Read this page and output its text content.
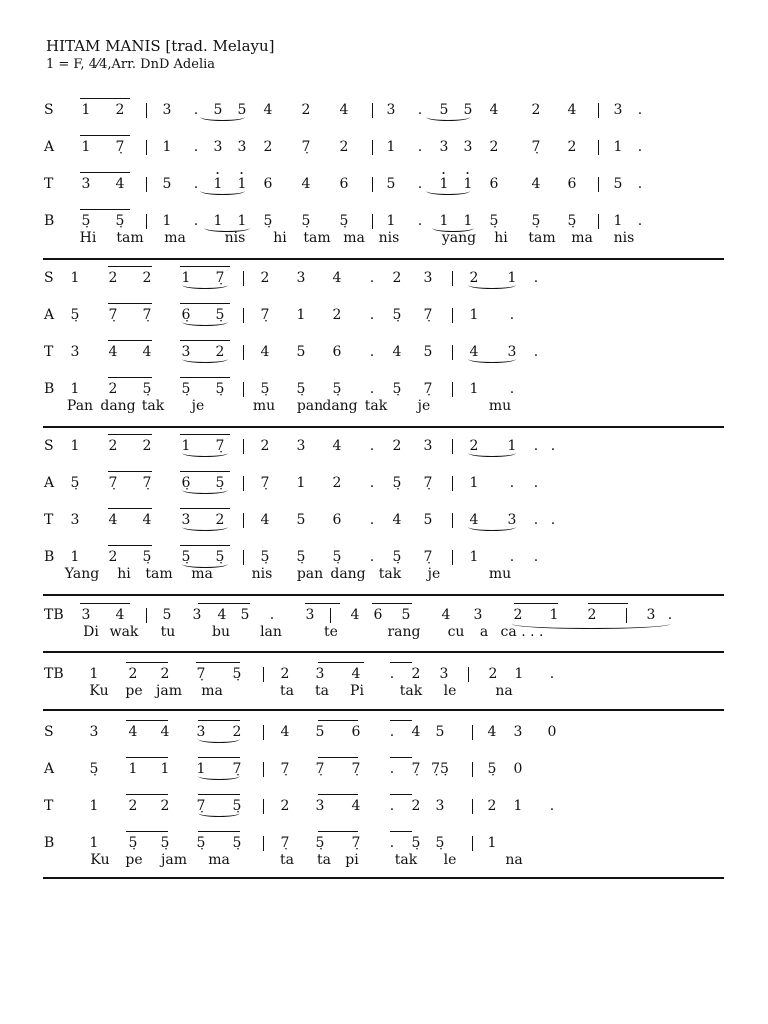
HITAM MANIS [trad. Melayu]
1 = F, 4⁄4,Arr. DnD Adelia
S 1 2	3 . 5 5 4 2 4	3 . 5 5 4 2 4	3 .
A 1 7̣	1 . 3 3 2 7̣ 2	1 . 3 3 2 7̣ 2	1 .
T 3 4	5 . 1 1 6 4 6	5 . 1 1 6 4 6	5 .
B 5̣ 5̣	1 . 1 1 5̣ 5̣ 5̣	1 . 1 1 5̣ 5̣ 5̣	1 .
Hi tam ma	nis hi tam ma nis	yang hi tam ma nis
S 1 2 2 1 7̣	2 3 4 . 2 3	2 1 .
A 5̣ 7̣ 7̣ 6̣ 5̣	7̣ 1 2 . 5̣ 7̣	1 .
T 3 4 4 3 2	4 5 6 . 4 5	4 3 .
B 1 2 5̣ 5̣ 5̣	5̣ 5̣ 5̣ . 5̣ 7̣	1 .
Pan dang tak je	mu pan dang tak je	mu
S 1 2 2 1 7̣	2 3 4 . 2 3	2 1 . .
A 5̣ 7̣ 7̣ 6̣ 5̣	7̣ 1 2 . 5̣ 7̣	1 . .
T 3 4 4 3 2	4 5 6 . 4 5	4 3 . .
B 1 2 5̣ 5̣ 5̣	5̣ 5̣ 5̣ . 5̣ 7̣	1 . .
Yang hi tam ma	nis pan dang tak je	mu
TB 3 4	5 3 4 5 . 3	4 6 5 4 3 2 1 2	3 .
Di wak tu	bu lan	te	rang cu a ca . . .
TB 1 2 2 7̣ 5̣	2 3 4 . 2 3	2 1 .
Ku pe jam ma	ta ta Pi	tak le	na
S	3 4 4 3 2	4 5 6 . 4 5	4 3 0
A	5̣ 1 1 1 7̣	7̣ 7̣ 7̣ . 7̣ 7̣5̣	5̣ 0
T	1 2 2 7̣ 5̣	2 3 4 . 2 3	2 1 .
B	1 5̣ 5̣ 5̣ 5̣	7̣ 5̣ 7̣ . 5̣ 5̣	1
Ku pe jam ma	ta ta pi	tak le	na
